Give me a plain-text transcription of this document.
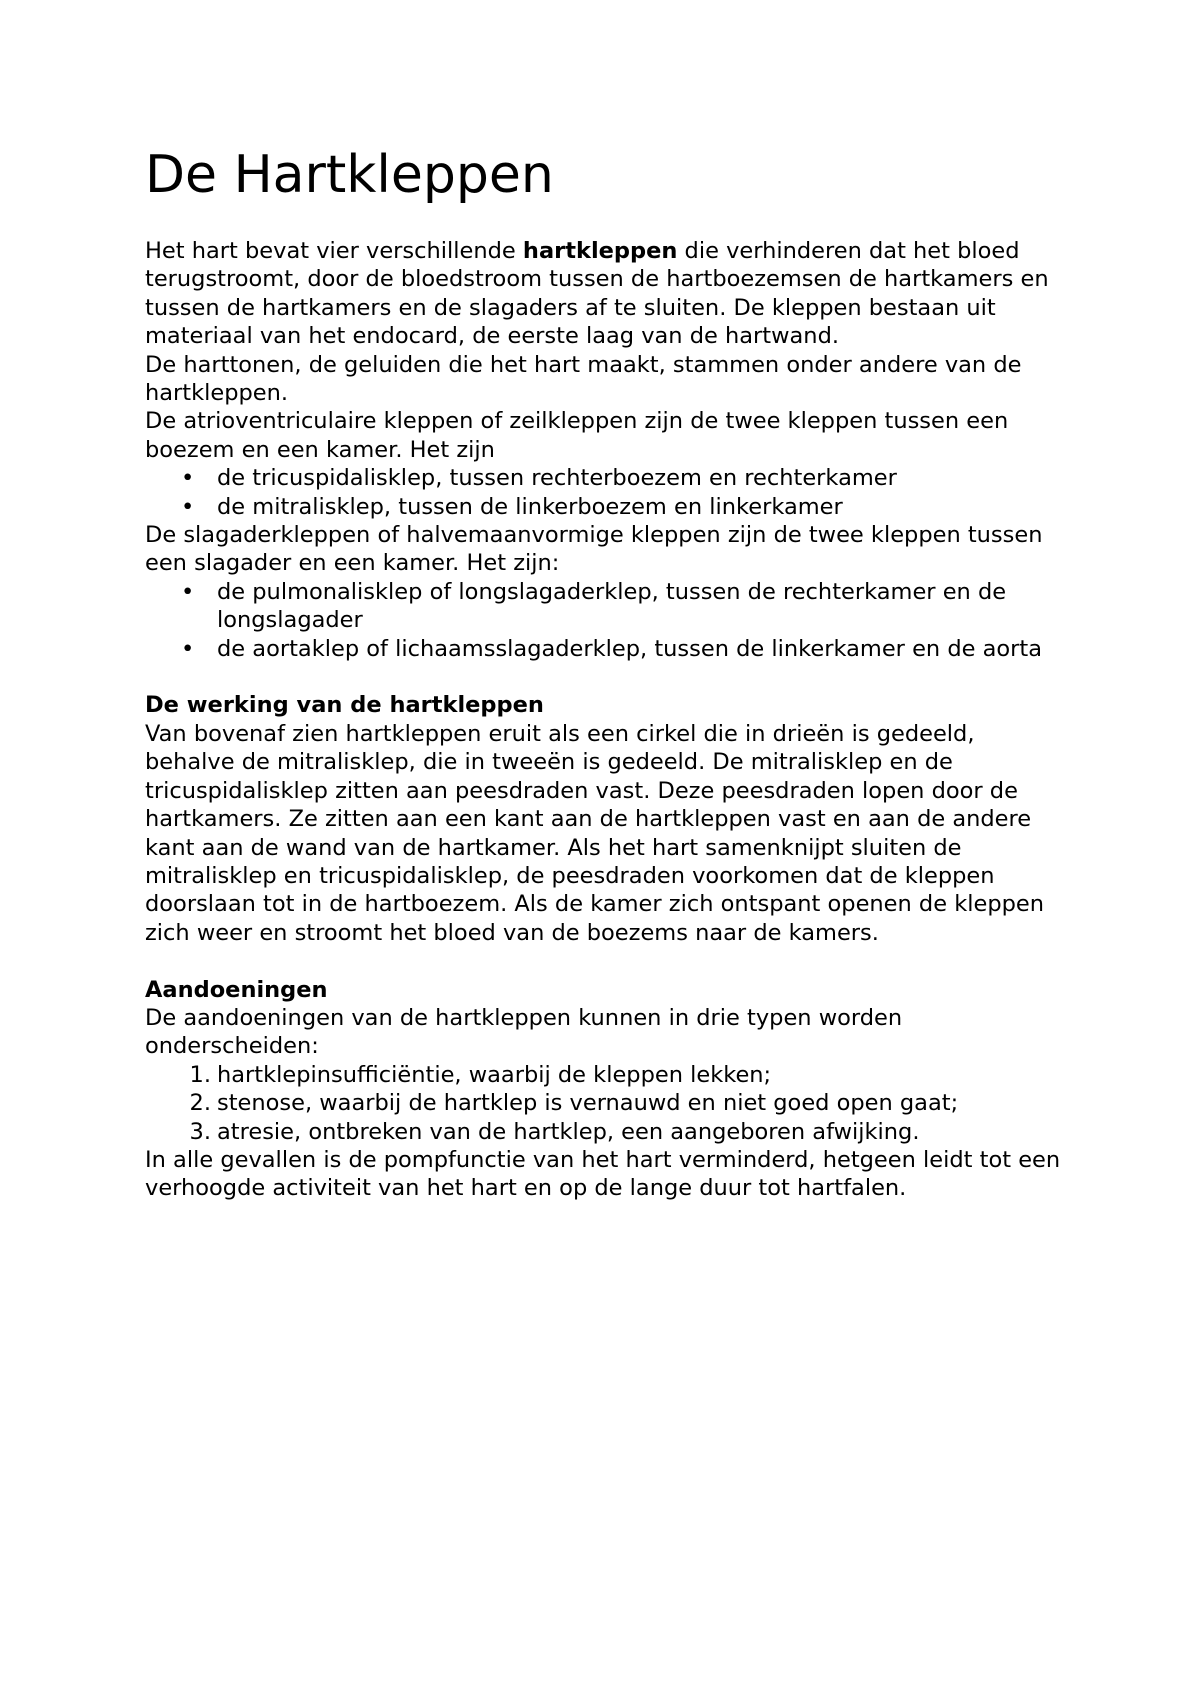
De Hartkleppen

Het hart bevat vier verschillende hartkleppen die verhinderen dat het bloed terugstroomt, door de bloedstroom tussen de hartboezemsen de hartkamers en tussen de hartkamers en de slagaders af te sluiten. De kleppen bestaan uit materiaal van het endocard, de eerste laag van de hartwand.

De harttonen, de geluiden die het hart maakt, stammen onder andere van de hartkleppen.

De atrioventriculaire kleppen of zeilkleppen zijn de twee kleppen tussen een boezem en een kamer. Het zijn

• de tricuspidalisklep, tussen rechterboezem en rechterkamer
• de mitralisklep, tussen de linkerboezem en linkerkamer

De slagaderkleppen of halvemaanvormige kleppen zijn de twee kleppen tussen een slagader en een kamer. Het zijn:

• de pulmonalisklep of longslagaderklep, tussen de rechterkamer en de longslagader
• de aortaklep of lichaamsslagaderklep, tussen de linkerkamer en de aorta

De werking van de hartkleppen

Van bovenaf zien hartkleppen eruit als een cirkel die in drieën is gedeeld, behalve de mitralisklep, die in tweeën is gedeeld. De mitralisklep en de tricuspidalisklep zitten aan peesdraden vast. Deze peesdraden lopen door de hartkamers. Ze zitten aan een kant aan de hartkleppen vast en aan de andere kant aan de wand van de hartkamer. Als het hart samenknijpt sluiten de mitralisklep en tricuspidalisklep, de peesdraden voorkomen dat de kleppen doorslaan tot in de hartboezem. Als de kamer zich ontspant openen de kleppen zich weer en stroomt het bloed van de boezems naar de kamers.

Aandoeningen

De aandoeningen van de hartkleppen kunnen in drie typen worden onderscheiden:

1. hartklepinsufficiëntie, waarbij de kleppen lekken;
2. stenose, waarbij de hartklep is vernauwd en niet goed open gaat;
3. atresie, ontbreken van de hartklep, een aangeboren afwijking.

In alle gevallen is de pompfunctie van het hart verminderd, hetgeen leidt tot een verhoogde activiteit van het hart en op de lange duur tot hartfalen.
